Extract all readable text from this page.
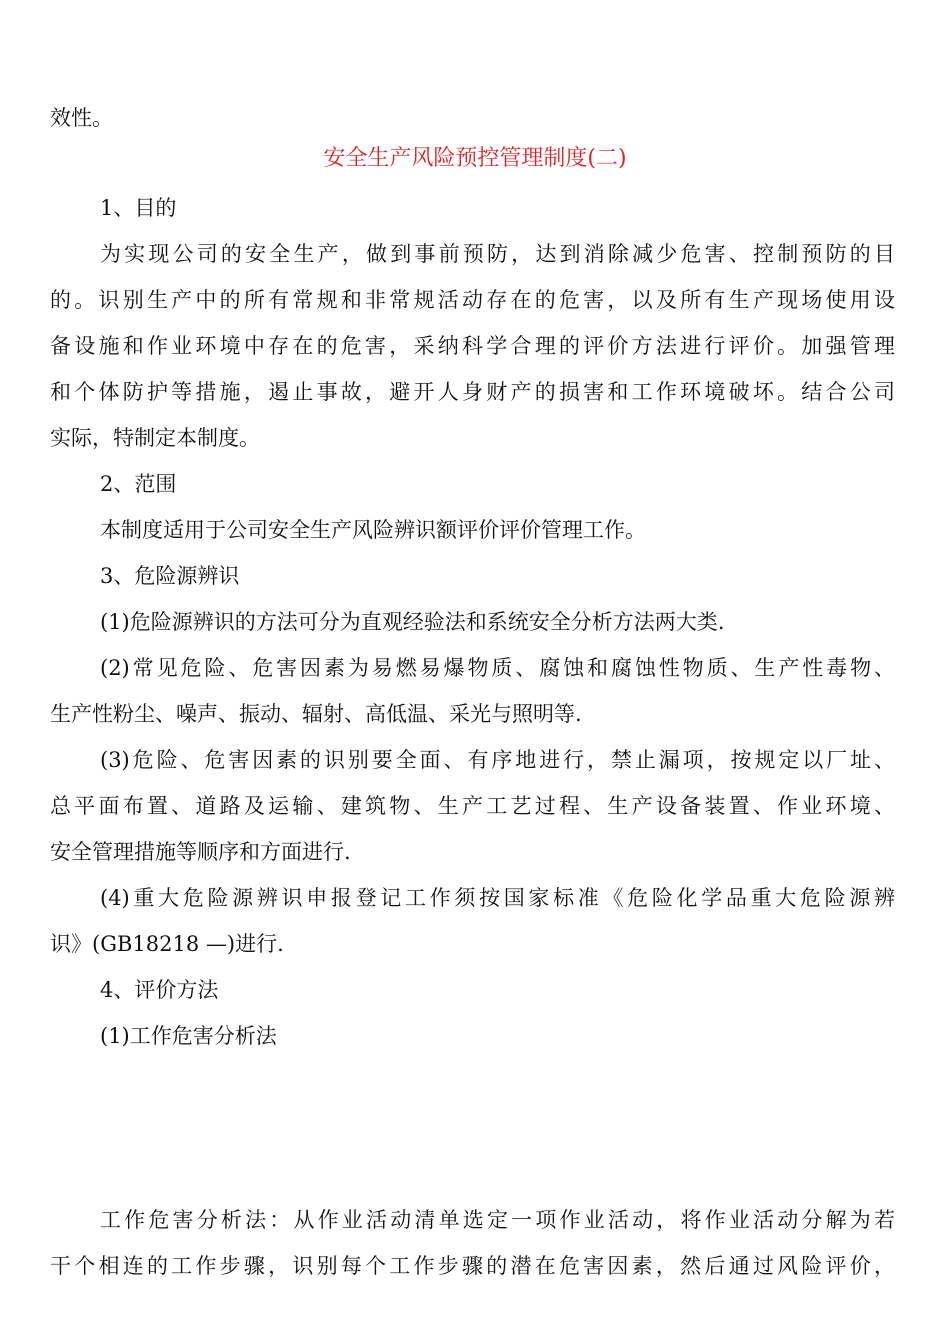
效性。
安全生产风险预控管理制度(二)
1、目的
为实现公司的安全生产，做到事前预防，达到消除减少危害、控制预防的目
的。识别生产中的所有常规和非常规活动存在的危害，以及所有生产现场使用设
备设施和作业环境中存在的危害，采纳科学合理的评价方法进行评价。加强管理
和个体防护等措施，遏止事故，避开人身财产的损害和工作环境破坏。结合公司
实际，特制定本制度。
2、范围
本制度适用于公司安全生产风险辨识额评价评价管理工作。
3、危险源辨识
(1)危险源辨识的方法可分为直观经验法和系统安全分析方法两大类.
(2)常见危险、危害因素为易燃易爆物质、腐蚀和腐蚀性物质、生产性毒物、
生产性粉尘、噪声、振动、辐射、高低温、采光与照明等.
(3)危险、危害因素的识别要全面、有序地进行，禁止漏项，按规定以厂址、
总平面布置、道路及运输、建筑物、生产工艺过程、生产设备装置、作业环境、
安全管理措施等顺序和方面进行.
(4)重大危险源辨识申报登记工作须按国家标准《危险化学品重大危险源辨
识》(GB18218 —)进行.
4、评价方法
(1)工作危害分析法
工作危害分析法：从作业活动清单选定一项作业活动，将作业活动分解为若
干个相连的工作步骤，识别每个工作步骤的潜在危害因素，然后通过风险评价，
